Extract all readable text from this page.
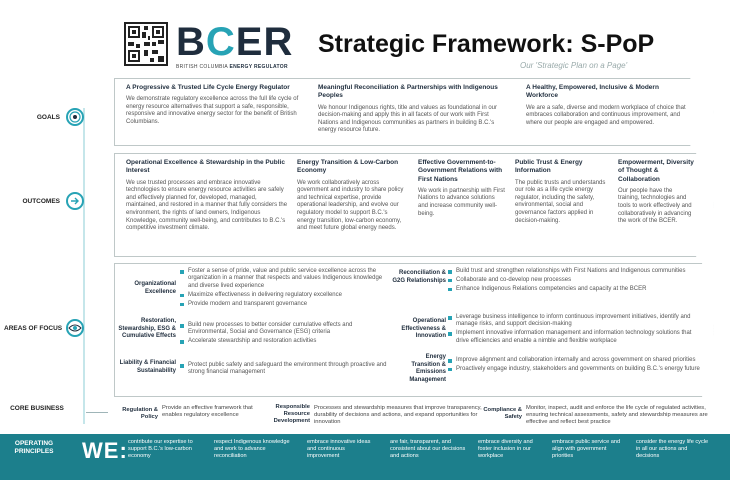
BCER
BRITISH COLUMBIA ENERGY REGULATOR
Strategic Framework: S-PoP
Our 'Strategic Plan on a Page'
GOALS
A Progressive & Trusted Life Cycle Energy Regulator
We demonstrate regulatory excellence across the full life cycle of energy resource alternatives that support a safe, responsible, responsive and innovative energy sector for the benefit of British Columbians.
Meaningful Reconciliation & Partnerships with Indigenous Peoples
We honour Indigenous rights, title and values as foundational in our decision-making and apply this in all facets of our work with First Nations and Indigenous communities as partners in building B.C.'s energy resource future.
A Healthy, Empowered, Inclusive & Modern Workforce
We are a safe, diverse and modern workplace of choice that embraces collaboration and continuous improvement, and where our people are engaged and empowered.
OUTCOMES
Operational Excellence & Stewardship in the Public Interest
We use trusted processes and embrace innovative technologies to ensure energy resource activities are safely and effectively planned for, developed, managed, maintained, and restored in a manner that fully considers the environment, the rights of land owners, Indigenous Knowledge, community well-being, and contributes to B.C.'s competitive investment climate.
Energy Transition & Low-Carbon Economy
We work collaboratively across government and industry to share policy and technical expertise, provide operational leadership, and evolve our regulatory model to support B.C.'s energy transition, low-carbon economy, and meet future global energy needs.
Effective Government-to-Government Relations with First Nations
We work in partnership with First Nations to advance solutions and increase community well-being.
Public Trust & Energy Information
The public trusts and understands our role as a life cycle energy regulator, including the safety, environmental, social and governance factors applied in decision-making.
Empowerment, Diversity of Thought & Collaboration
Our people have the training, technologies and tools to work effectively and collaboratively in advancing the work of the BCER.
AREAS OF FOCUS
Organizational Excellence
Foster a sense of pride, value and public service excellence across the organization in a manner that respects and values Indigenous knowledge and diverse lived experience
Maximize effectiveness in delivering regulatory excellence
Provide modern and transparent governance
Restoration, Stewardship, ESG & Cumulative Effects
Build new processes to better consider cumulative effects and Environmental, Social and Governance (ESG) criteria
Accelerate stewardship and restoration activities
Liability & Financial Sustainability
Protect public safety and safeguard the environment through proactive and strong financial management
Reconciliation & G2G Relationships
Build trust and strengthen relationships with First Nations and Indigenous communities
Collaborate and co-develop new processes
Enhance Indigenous Relations competencies and capacity at the BCER
Operational Effectiveness & Innovation
Leverage business intelligence to inform continuous improvement initiatives, identify and manage risks, and support decision-making
Implement innovative information management and information technology solutions that drive efficiencies and enable a nimble and flexible workplace
Energy Transition & Emissions Management
Improve alignment and collaboration internally and across government on shared priorities
Proactively engage industry, stakeholders and governments on building B.C.'s energy future
CORE BUSINESS	Regulation & Policy
Provide an effective framework that enables regulatory excellence
Responsible Resource Development
Processes and stewardship measures that improve transparency, durability of decisions and actions, and expand opportunities for innovation
Compliance & Safety
Monitor, inspect, audit and enforce the life cycle of regulated activities, ensuring technical assessments, safety and stewardship measures are effective and reflect best practice
OPERATING PRINCIPLES	WE: contribute our expertise to support B.C.'s low-carbon economy
respect Indigenous knowledge and work to advance reconciliation
embrace innovative ideas and continuous improvement
are fair, transparent, and consistent about our decisions and actions
embrace diversity and foster inclusion in our workplace
embrace public service and align with government priorities
consider the energy life cycle in all our actions and decisions
